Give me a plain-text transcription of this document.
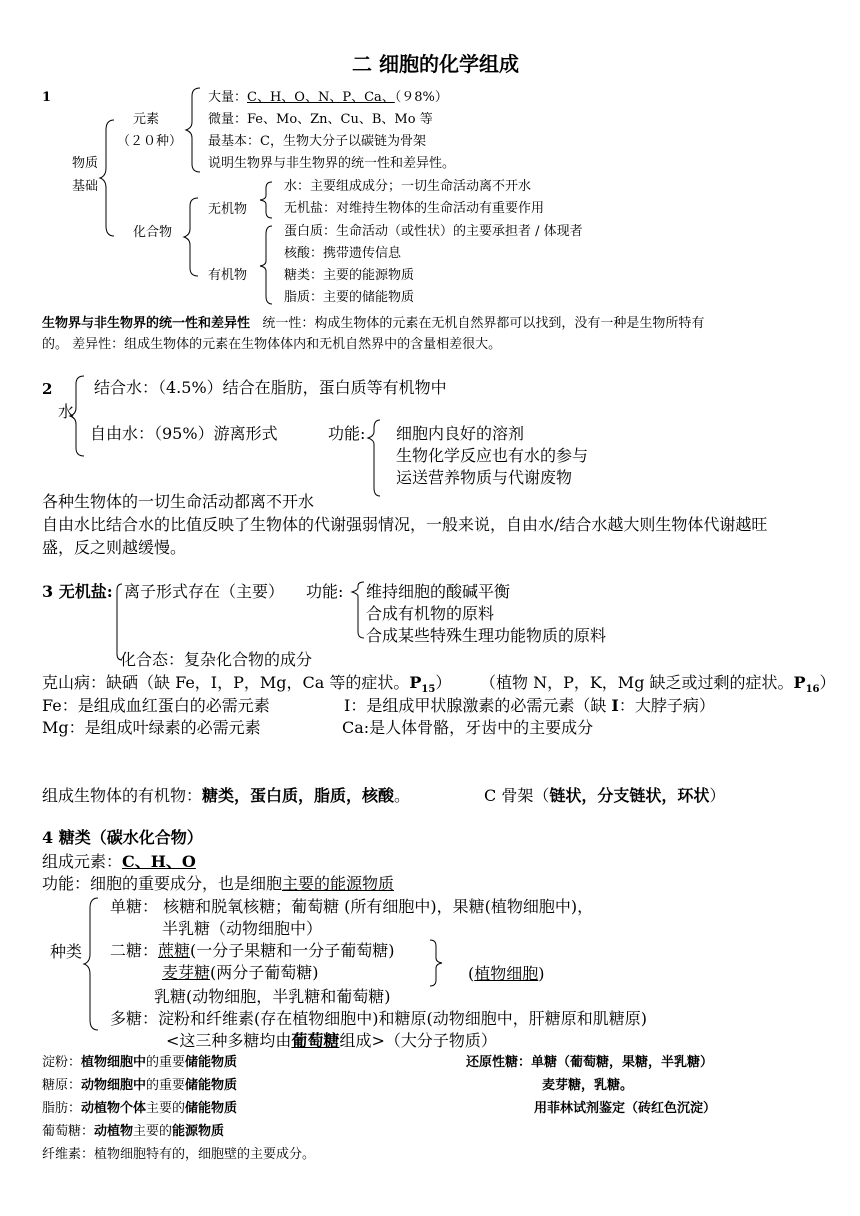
二 细胞的化学组成
1
物质
基础
元素
（２０种）
大量：C、H、O、N、P、Ca、（９8%）
微量：Fe、Mo、Zn、Cu、B、Mo 等
最基本：C，生物大分子以碳链为骨架
说明生物界与非生物界的统一性和差异性。
化合物
无机物
水：主要组成成分；一切生命活动离不开水
无机盐：对维持生物体的生命活动有重要作用
有机物
蛋白质：生命活动（或性状）的主要承担者 / 体现者
核酸：携带遗传信息
糖类：主要的能源物质
脂质：主要的储能物质
生物界与非生物界的统一性和差异性 统一性：构成生物体的元素在无机自然界都可以找到，没有一种是生物所特有
的。 差异性：组成生物体的元素在生物体体内和无机自然界中的含量相差很大。
2
水
结合水：（4.5%）结合在脂肪，蛋白质等有机物中
自由水：（95%）游离形式	功能: 细胞内良好的溶剂
生物化学反应也有水的参与
运送营养物质与代谢废物
各种生物体的一切生命活动都离不开水
自由水比结合水的比值反映了生物体的代谢强弱情况，一般来说，自由水/结合水越大则生物体代谢越旺
盛，反之则越缓慢。
3 无机盐: 离子形式存在（主要） 功能: 维持细胞的酸碱平衡
合成有机物的原料
合成某些特殊生理功能物质的原料
化合态：复杂化合物的成分
克山病：缺硒（缺 Fe，I，P，Mg，Ca 等的症状。$P_{15}$） （植物 N，P，K，Mg 缺乏或过剩的症状。$P_{16}$）
Fe：是组成血红蛋白的必需元素	I：是组成甲状腺激素的必需元素（缺 I：大脖子病）
Mg：是组成叶绿素的必需元素	Ca:是人体骨骼，牙齿中的主要成分
组成生物体的有机物：糖类，蛋白质，脂质，核酸。	C 骨架（链状，分支链状，环状）
4 糖类（碳水化合物）
组成元素：C、H、O
功能：细胞的重要成分，也是细胞主要的能源物质
种类
单糖： 核糖和脱氧核糖；葡萄糖 (所有细胞中)，果糖(植物细胞中)，
半乳糖（动物细胞中）
二糖：蔗糖(一分子果糖和一分子葡萄糖)
麦芽糖(两分子葡萄糖)	(植物细胞)
乳糖(动物细胞，半乳糖和葡萄糖)
多糖：淀粉和纤维素(存在植物细胞中)和糖原(动物细胞中，肝糖原和肌糖原)
<这三种多糖均由葡萄糖组成>（大分子物质）
淀粉：植物细胞中的重要储能物质
糖原：动物细胞中的重要储能物质
脂肪：动植物个体主要的储能物质
葡萄糖：动植物主要的能源物质
纤维素：植物细胞特有的，细胞壁的主要成分。
还原性糖：单糖（葡萄糖，果糖，半乳糖）
麦芽糖，乳糖。
用菲林试剂鉴定（砖红色沉淀）
